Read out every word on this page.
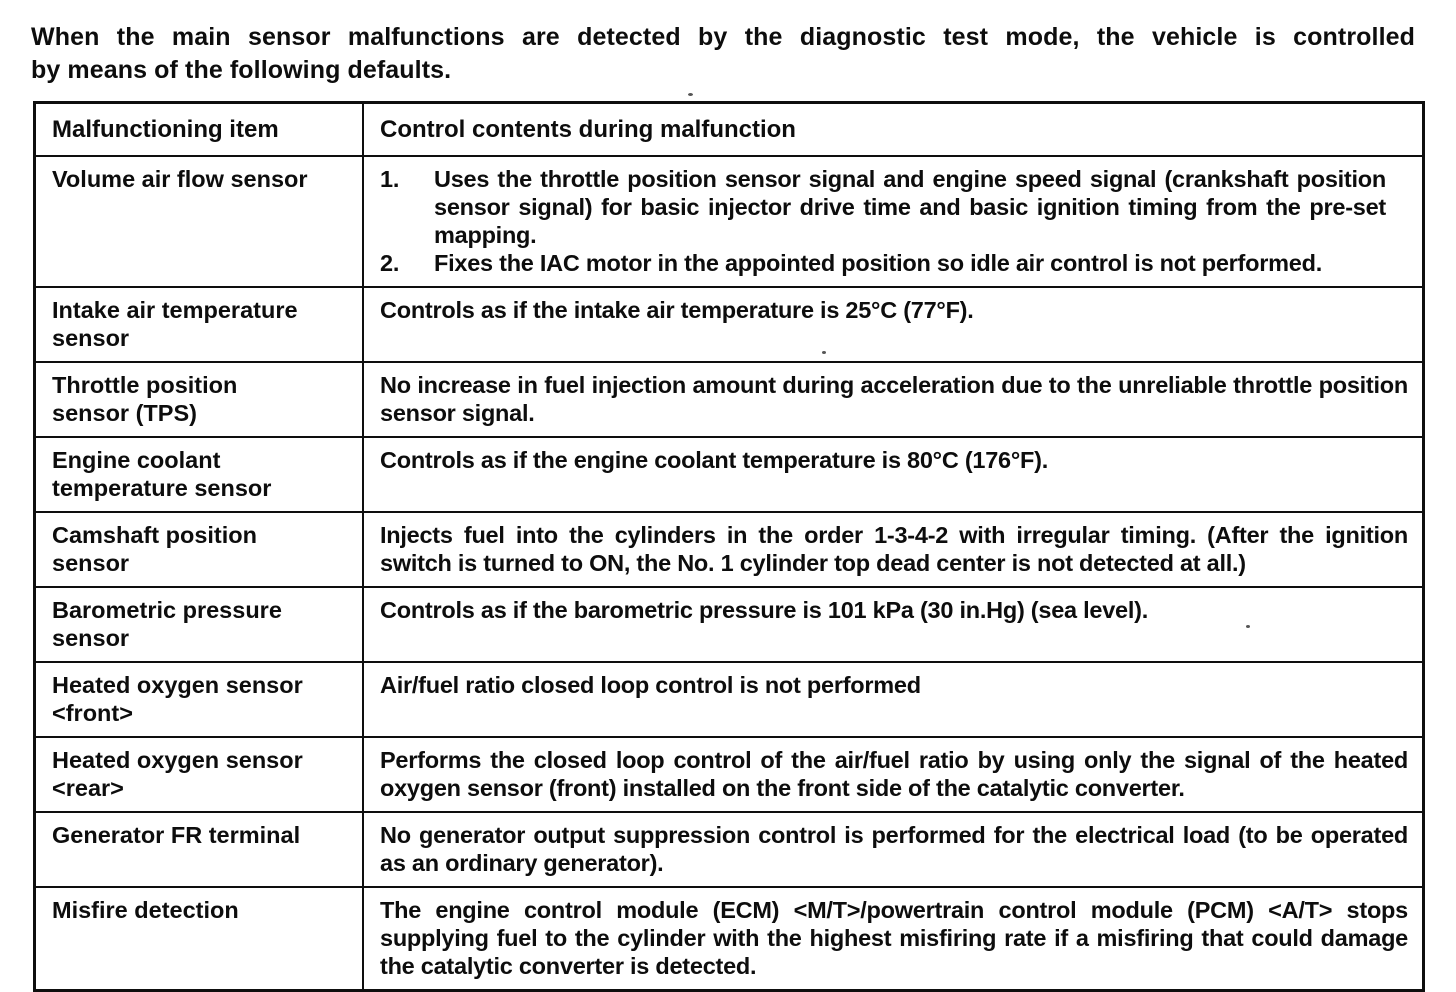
When the main sensor malfunctions are detected by the diagnostic test mode, the vehicle is controlled
by means of the following defaults.

Malfunctioning item	Control contents during malfunction
Volume air flow sensor	1. Uses the throttle position sensor signal and engine speed signal (crankshaft position sensor signal) for basic injector drive time and basic ignition timing from the pre-set mapping.
2. Fixes the IAC motor in the appointed position so idle air control is not performed.

Intake air temperature sensor	Controls as if the intake air temperature is 25°C (77°F).
Throttle position sensor (TPS)	No increase in fuel injection amount during acceleration due to the unreliable throttle position sensor signal.
Engine coolant temperature sensor	Controls as if the engine coolant temperature is 80°C (176°F).
Camshaft position sensor	Injects fuel into the cylinders in the order 1-3-4-2 with irregular timing. (After the ignition switch is turned to ON, the No. 1 cylinder top dead center is not detected at all.)
Barometric pressure sensor	Controls as if the barometric pressure is 101 kPa (30 in.Hg) (sea level).
Heated oxygen sensor <front>	Air/fuel ratio closed loop control is not performed
Heated oxygen sensor <rear>	Performs the closed loop control of the air/fuel ratio by using only the signal of the heated oxygen sensor (front) installed on the front side of the catalytic converter.
Generator FR terminal	No generator output suppression control is performed for the electrical load (to be operated as an ordinary generator).
Misfire detection	The engine control module (ECM) <M/T>/powertrain control module (PCM) <A/T> stops supplying fuel to the cylinder with the highest misfiring rate if a misfiring that could damage the catalytic converter is detected.
